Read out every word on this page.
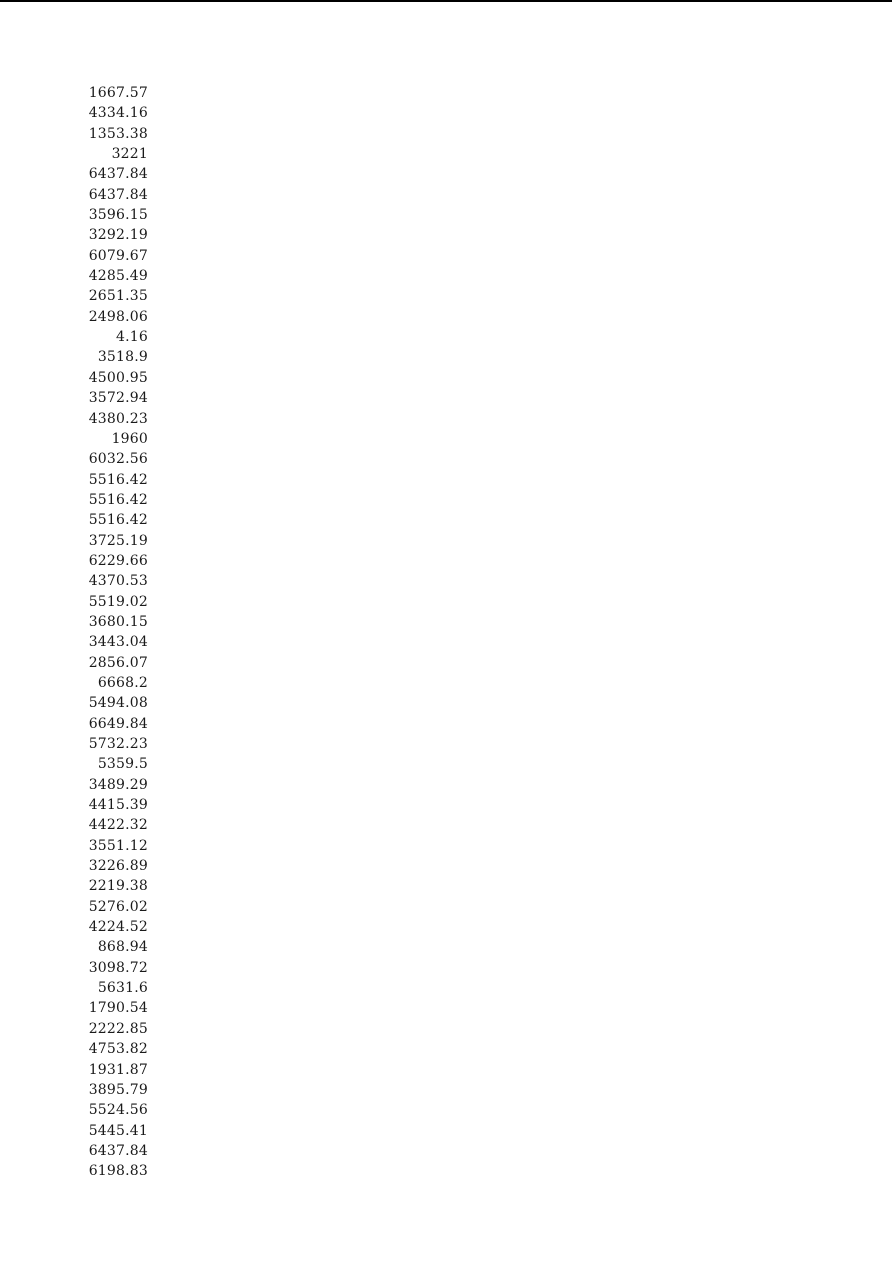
1667.57
4334.16
1353.38
3221
6437.84
6437.84
3596.15
3292.19
6079.67
4285.49
2651.35
2498.06
4.16
3518.9
4500.95
3572.94
4380.23
1960
6032.56
5516.42
5516.42
5516.42
3725.19
6229.66
4370.53
5519.02
3680.15
3443.04
2856.07
6668.2
5494.08
6649.84
5732.23
5359.5
3489.29
4415.39
4422.32
3551.12
3226.89
2219.38
5276.02
4224.52
868.94
3098.72
5631.6
1790.54
2222.85
4753.82
1931.87
3895.79
5524.56
5445.41
6437.84
6198.83
